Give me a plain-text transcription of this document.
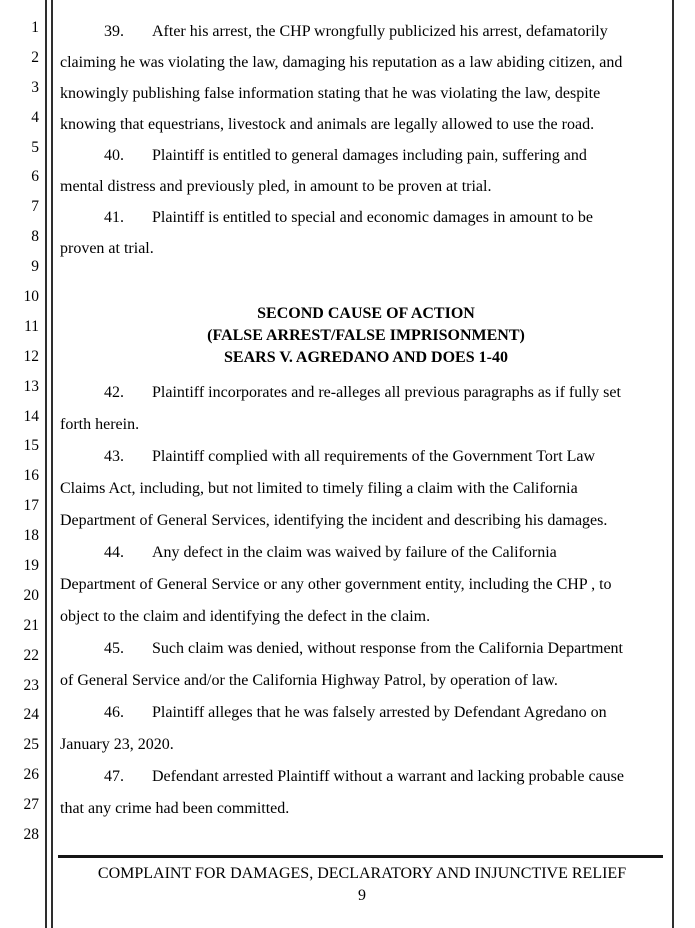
1
2
3
4
5
6
7
8
9
10
11
12
13
14
15
16
17
18
19
20
21
22
23
24
25
26
27
28
39. After his arrest, the CHP wrongfully publicized his arrest, defamatorily
claiming he was violating the law, damaging his reputation as a law abiding citizen, and
knowingly publishing false information stating that he was violating the law, despite
knowing that equestrians, livestock and animals are legally allowed to use the road.
40. Plaintiff is entitled to general damages including pain, suffering and
mental distress and previously pled, in amount to be proven at trial.
41. Plaintiff is entitled to special and economic damages in amount to be
proven at trial.
SECOND CAUSE OF ACTION
(FALSE ARREST/FALSE IMPRISONMENT)
SEARS V. AGREDANO AND DOES 1-40
42. Plaintiff incorporates and re-alleges all previous paragraphs as if fully set
forth herein.
43. Plaintiff complied with all requirements of the Government Tort Law
Claims Act, including, but not limited to timely filing a claim with the California
Department of General Services, identifying the incident and describing his damages.
44. Any defect in the claim was waived by failure of the California
Department of General Service or any other government entity, including the CHP , to
object to the claim and identifying the defect in the claim.
45. Such claim was denied, without response from the California Department
of General Service and/or the California Highway Patrol, by operation of law.
46. Plaintiff alleges that he was falsely arrested by Defendant Agredano on
January 23, 2020.
47. Defendant arrested Plaintiff without a warrant and lacking probable cause
that any crime had been committed.
COMPLAINT FOR DAMAGES, DECLARATORY AND INJUNCTIVE RELIEF
9
